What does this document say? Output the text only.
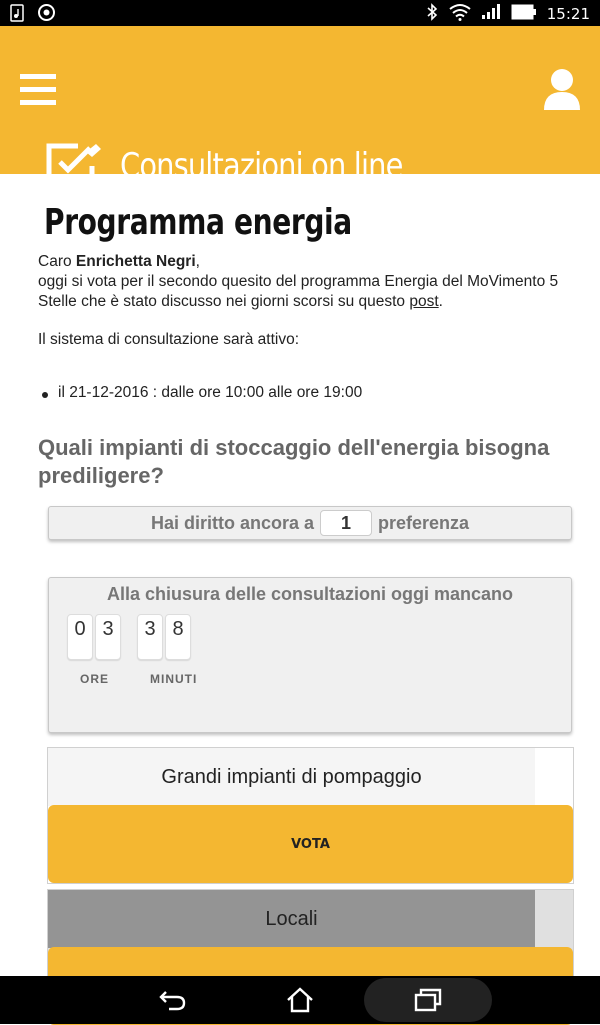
15:21
Consultazioni on line
Programma energia

Caro Enrichetta Negri,

oggi si vota per il secondo quesito del programma Energia del MoVimento 5 Stelle che è stato discusso nei giorni scorsi su questo post.

Il sistema di consultazione sarà attivo:

il 21-12-2016 : dalle ore 10:00 alle ore 19:00
Quali impianti di stoccaggio dell'energia bisogna prediligere?
Hai diritto ancora a	1	preferenza
Alla chiusura delle consultazioni oggi mancano
0 3	3 8
ORE	MINUTI
Grandi impianti di pompaggio
VOTA
Locali
